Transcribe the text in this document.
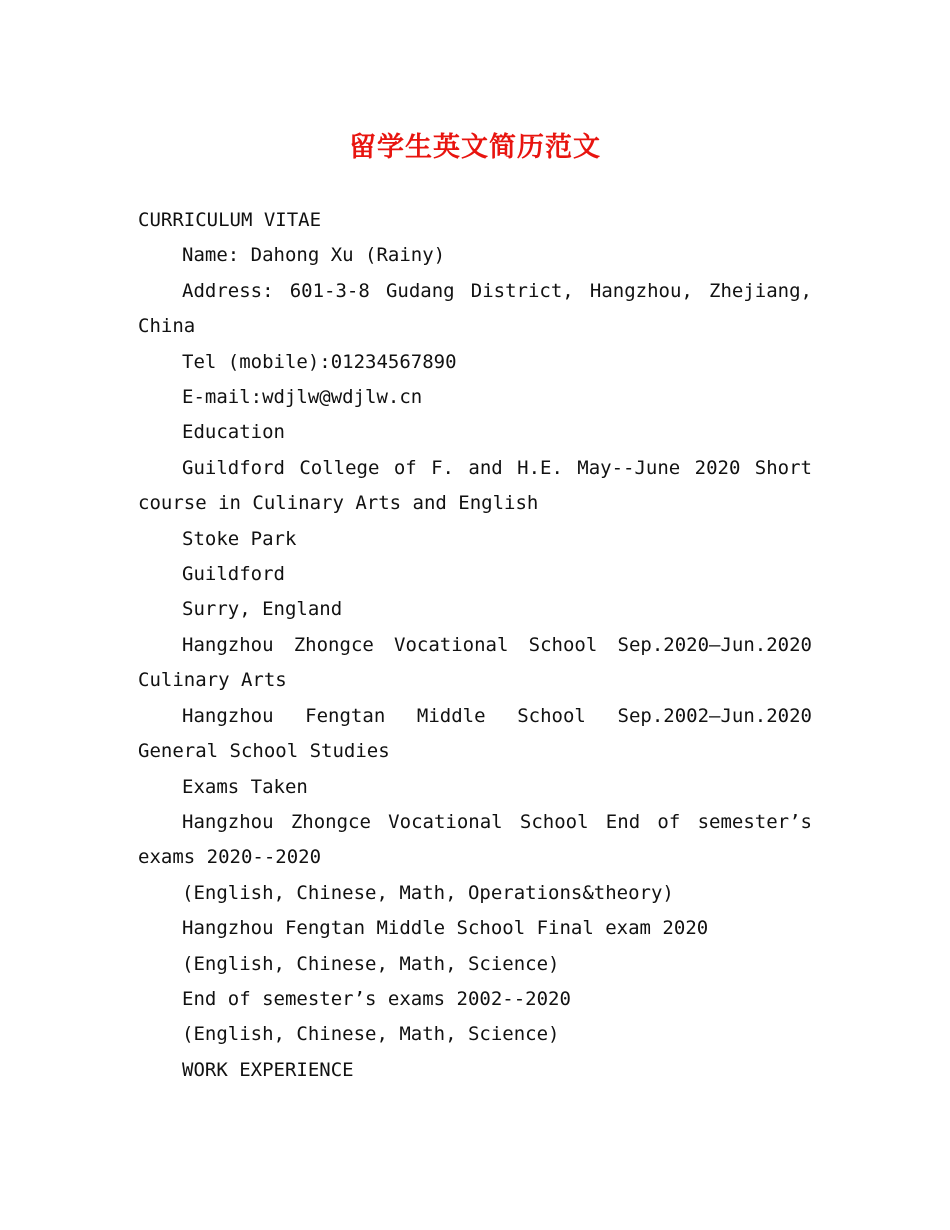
留学生英文简历范文

CURRICULUM VITAE

Name: Dahong Xu (Rainy)

Address: 601-3-8 Gudang District, Hangzhou, Zhejiang, China

Tel (mobile):01234567890

E-mail:wdjlw@wdjlw.cn

Education

Guildford College of F. and H.E. May--June 2020 Short course in Culinary Arts and English

Stoke Park

Guildford

Surry, England

Hangzhou Zhongce Vocational School Sep.2020—Jun.2020 Culinary Arts

Hangzhou Fengtan Middle School Sep.2002—Jun.2020 General School Studies

Exams Taken

Hangzhou Zhongce Vocational School End of semester’s exams 2020--2020

(English, Chinese, Math, Operations&theory)

Hangzhou Fengtan Middle School Final exam 2020

(English, Chinese, Math, Science)

End of semester’s exams 2002--2020

(English, Chinese, Math, Science)

WORK EXPERIENCE
